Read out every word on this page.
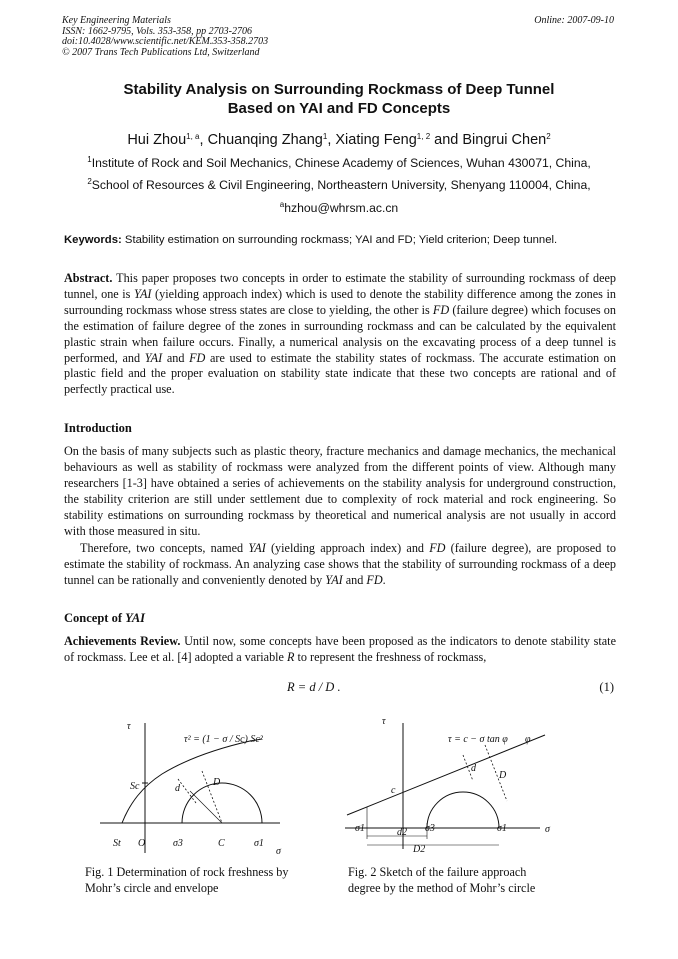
Key Engineering Materials
ISSN: 1662-9795, Vols. 353-358, pp 2703-2706
doi:10.4028/www.scientific.net/KEM.353-358.2703
© 2007 Trans Tech Publications Ltd, Switzerland
Online: 2007-09-10
Stability Analysis on Surrounding Rockmass of Deep Tunnel
Based on YAI and FD Concepts
Hui Zhou$^{1, a}$, Chuanqing Zhang$^1$, Xiating Feng$^{1, 2}$ and Bingrui Chen$^2$
$^1$Institute of Rock and Soil Mechanics, Chinese Academy of Sciences, Wuhan 430071, China,
$^2$School of Resources & Civil Engineering, Northeastern University, Shenyang 110004, China,
$^a$hzhou@whrsm.ac.cn
Keywords: Stability estimation on surrounding rockmass; YAI and FD; Yield criterion; Deep tunnel.
Abstract. This paper proposes two concepts in order to estimate the stability of surrounding rockmass of deep tunnel, one is YAI (yielding approach index) which is used to denote the stability difference among the zones in surrounding rockmass whose stress states are close to yielding, the other is FD (failure degree) which focuses on the estimation of failure degree of the zones in surrounding rockmass and can be calculated by the equivalent plastic strain when failure occurs. Finally, a numerical analysis on the excavating process of a deep tunnel is performed, and YAI and FD are used to estimate the stability states of rockmass. The accurate estimation on plastic field and the proper evaluation on stability state indicate that these two concepts are rational and of perfectly practical use.
Introduction
On the basis of many subjects such as plastic theory, fracture mechanics and damage mechanics, the mechanical behaviours as well as stability of rockmass were analyzed from the different points of view. Although many researchers [1-3] have obtained a series of achievements on the stability analysis for underground construction, the stability criterion are still under settlement due to complexity of rock material and rock engineering. So stability estimations on surrounding rockmass by theoretical and numerical analysis are not usually in accord with those measured in situ.
Therefore, two concepts, named YAI (yielding approach index) and FD (failure degree), are proposed to estimate the stability of rockmass. An analyzing case shows that the stability of surrounding rockmass of a deep tunnel can be rationally and conveniently denoted by YAI and FD.
Concept of YAI
Achievements Review. Until now, some concepts have been proposed as the indicators to denote stability state of rockmass. Lee et al. [4] adopted a variable R to represent the freshness of rockmass,
R = d / D .	(1)
τ
τ² = (1 − σ / Sc) Sc²
Sc	d
D
St O	σ3	C	σ1
σ
Fig. 1 Determination of rock freshness by
Mohr’s circle and envelope
τ
τ = c − σ tan φ φ
c
d
D
σ1	d2 σ3	σ1	σ
D2
Fig. 2 Sketch of the failure approach
degree by the method of Mohr’s circle
